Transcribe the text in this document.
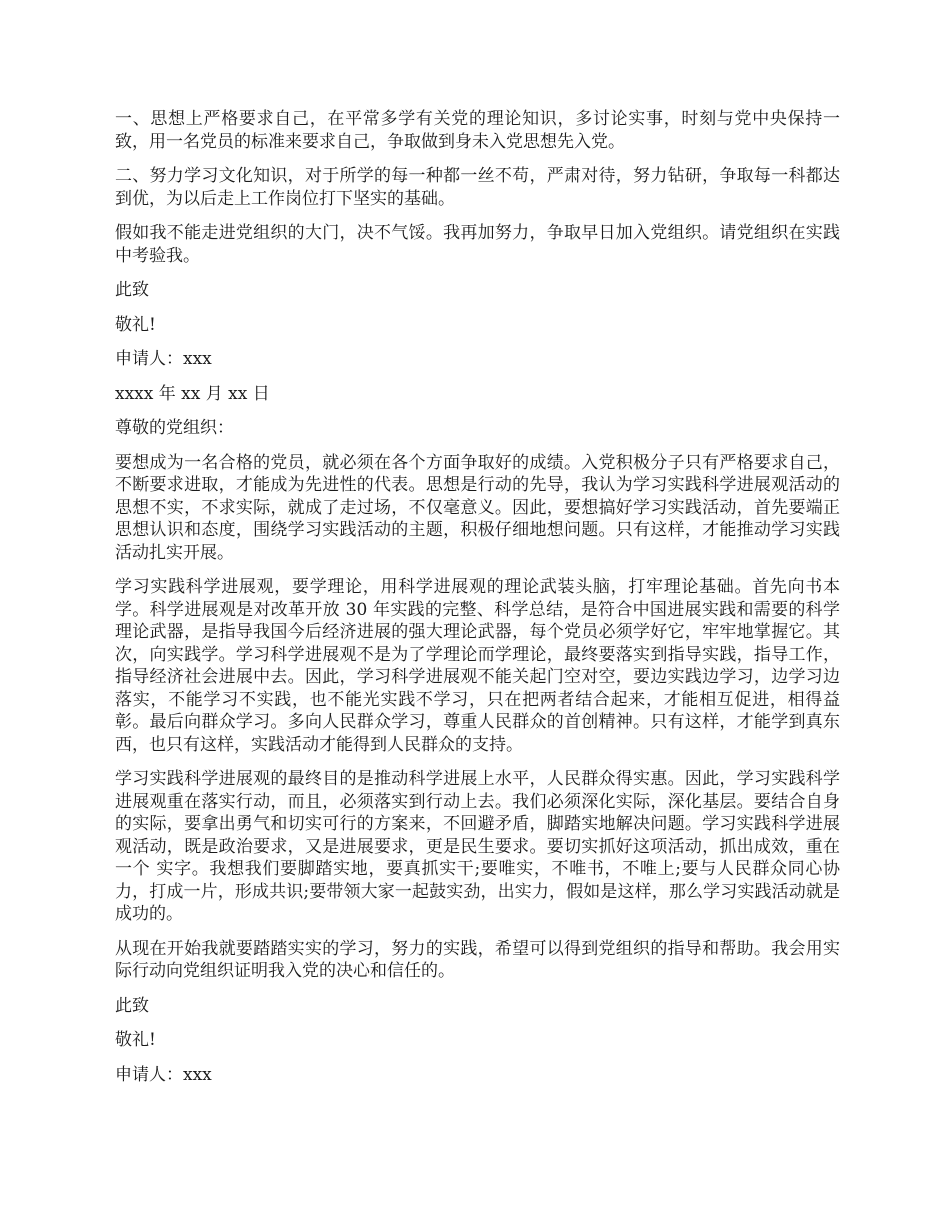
一、思想上严格要求自己，在平常多学有关党的理论知识，多讨论实事，时刻与党中央保持一致，用一名党员的标准来要求自己，争取做到身未入党思想先入党。

二、努力学习文化知识，对于所学的每一种都一丝不苟，严肃对待，努力钻研，争取每一科都达到优，为以后走上工作岗位打下坚实的基础。

假如我不能走进党组织的大门，决不气馁。我再加努力，争取早日加入党组织。请党组织在实践中考验我。

此致

敬礼!

申请人：xxx

xxxx 年 xx 月 xx 日

尊敬的党组织：

要想成为一名合格的党员，就必须在各个方面争取好的成绩。入党积极分子只有严格要求自己，不断要求进取，才能成为先进性的代表。思想是行动的先导，我认为学习实践科学进展观活动的思想不实，不求实际，就成了走过场，不仅毫意义。因此，要想搞好学习实践活动，首先要端正思想认识和态度，围绕学习实践活动的主题，积极仔细地想问题。只有这样，才能推动学习实践活动扎实开展。

学习实践科学进展观，要学理论，用科学进展观的理论武装头脑，打牢理论基础。首先向书本学。科学进展观是对改革开放 30 年实践的完整、科学总结，是符合中国进展实践和需要的科学理论武器，是指导我国今后经济进展的强大理论武器，每个党员必须学好它，牢牢地掌握它。其次，向实践学。学习科学进展观不是为了学理论而学理论，最终要落实到指导实践，指导工作，指导经济社会进展中去。因此，学习科学进展观不能关起门空对空，要边实践边学习，边学习边落实，不能学习不实践，也不能光实践不学习，只在把两者结合起来，才能相互促进，相得益彰。最后向群众学习。多向人民群众学习，尊重人民群众的首创精神。只有这样，才能学到真东西，也只有这样，实践活动才能得到人民群众的支持。

学习实践科学进展观的最终目的是推动科学进展上水平，人民群众得实惠。因此，学习实践科学进展观重在落实行动，而且，必须落实到行动上去。我们必须深化实际，深化基层。要结合自身的实际，要拿出勇气和切实可行的方案来，不回避矛盾，脚踏实地解决问题。学习实践科学进展观活动，既是政治要求，又是进展要求，更是民生要求。要切实抓好这项活动，抓出成效，重在一个 实字。我想我们要脚踏实地，要真抓实干;要唯实，不唯书，不唯上;要与人民群众同心协力，打成一片，形成共识;要带领大家一起鼓实劲，出实力，假如是这样，那么学习实践活动就是成功的。

从现在开始我就要踏踏实实的学习，努力的实践，希望可以得到党组织的指导和帮助。我会用实际行动向党组织证明我入党的决心和信任的。

此致

敬礼!

申请人：xxx
